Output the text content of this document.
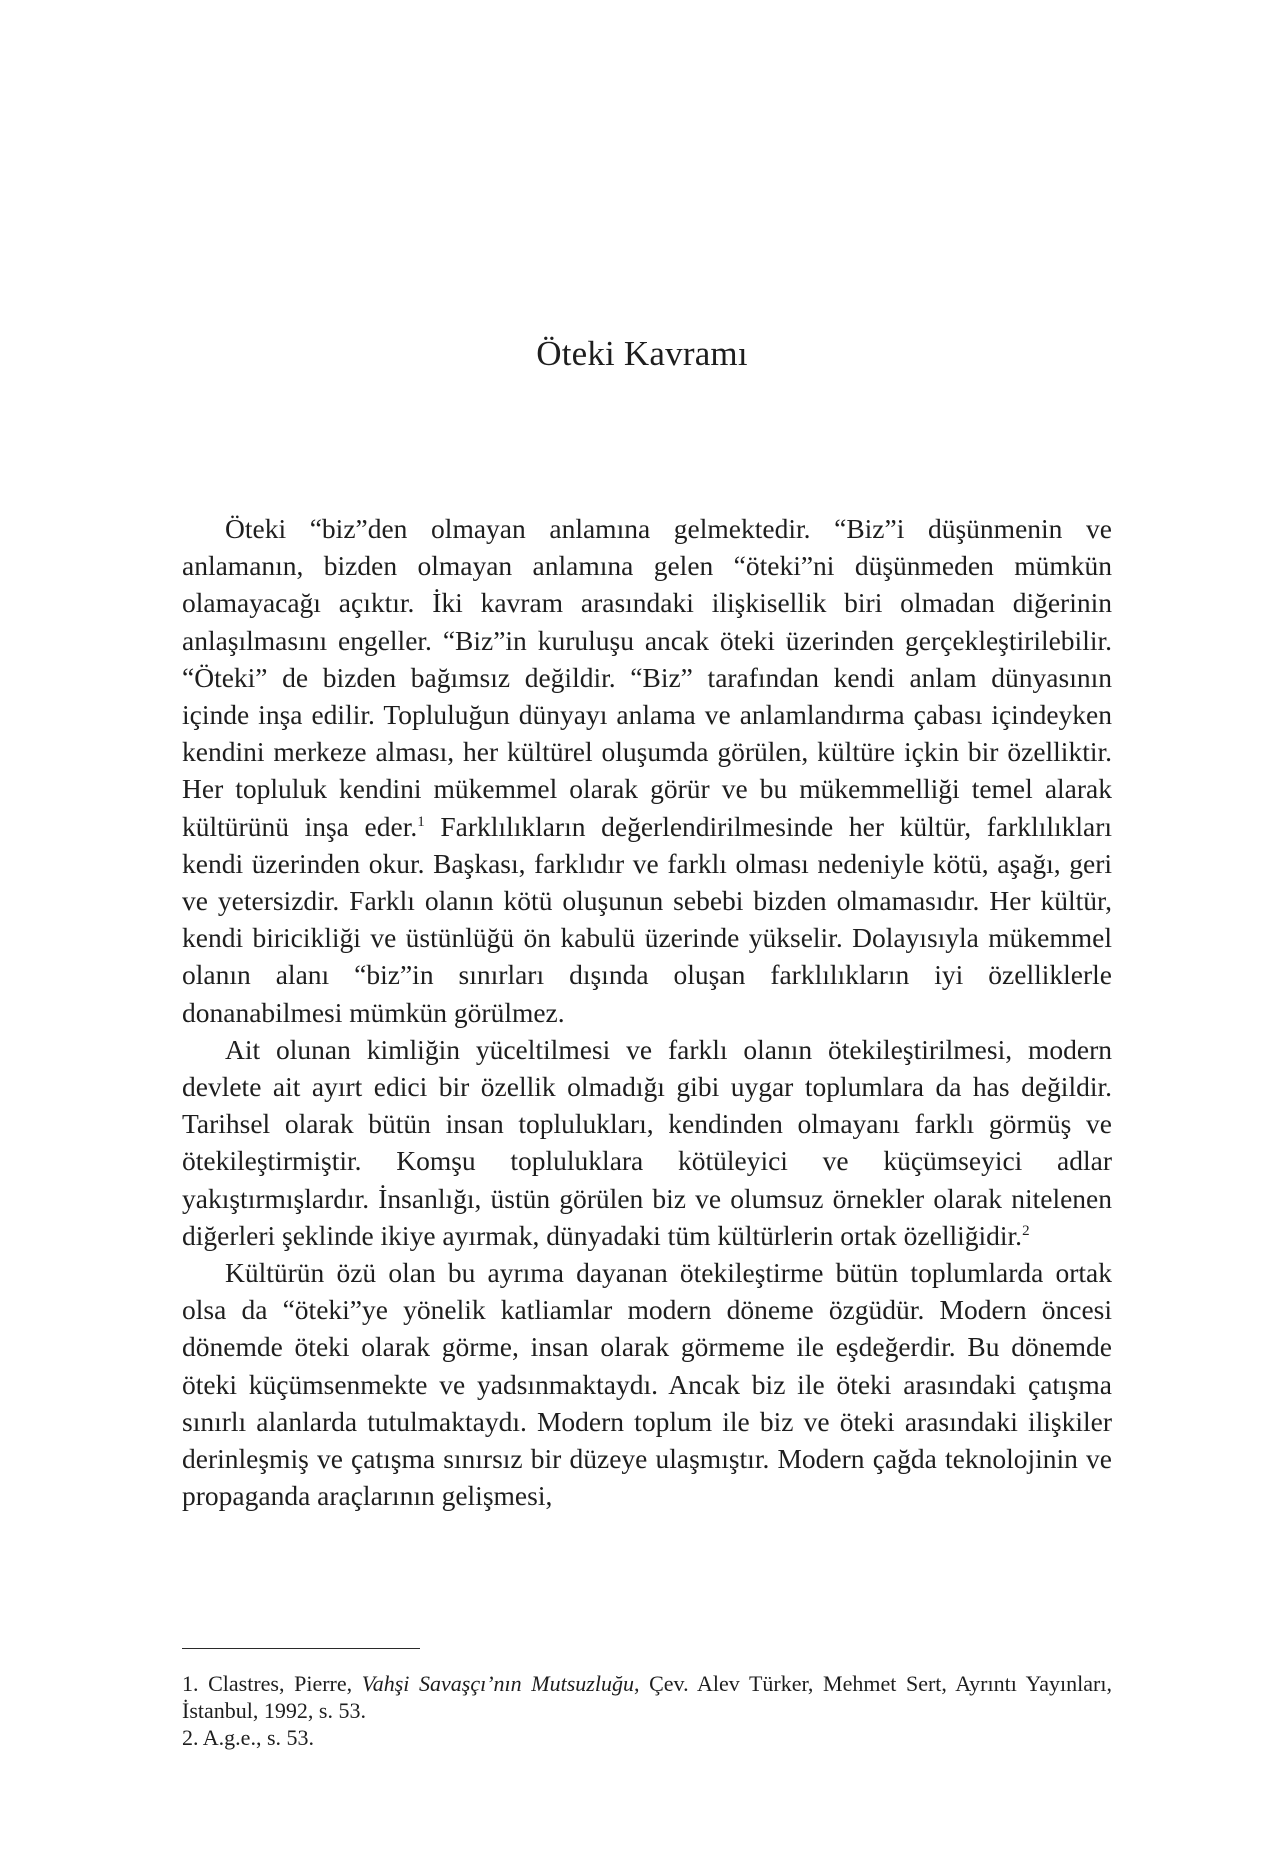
Öteki Kavramı

Öteki “biz”den olmayan anlamına gelmektedir. “Biz”i düşünmenin ve anlamanın, bizden olmayan anlamına gelen “öteki”ni düşünmeden mümkün olamayacağı açıktır. İki kavram arasındaki ilişkisellik biri olmadan diğerinin anlaşılmasını engeller. “Biz”in kuruluşu ancak öteki üzerinden gerçekleştirilebilir. “Öteki” de bizden bağımsız değildir. “Biz” tarafından kendi anlam dünyasının içinde inşa edilir. Topluluğun dünyayı anlama ve anlamlandırma çabası içindeyken kendini merkeze alması, her kültürel oluşumda görülen, kültüre içkin bir özelliktir. Her topluluk kendini mükemmel olarak görür ve bu mükemmelliği temel alarak kültürünü inşa eder.$^1$ Farklılıkların değerlendirilmesinde her kültür, farklılıkları kendi üzerinden okur. Başkası, farklıdır ve farklı olması nedeniyle kötü, aşağı, geri ve yetersizdir. Farklı olanın kötü oluşunun sebebi bizden olmamasıdır. Her kültür, kendi biricikliği ve üstünlüğü ön kabulü üzerinde yükselir. Dolayısıyla mükemmel olanın alanı “biz”in sınırları dışında oluşan farklılıkların iyi özelliklerle donanabilmesi mümkün görülmez.

Ait olunan kimliğin yüceltilmesi ve farklı olanın ötekileştirilmesi, modern devlete ait ayırt edici bir özellik olmadığı gibi uygar toplumlara da has değildir. Tarihsel olarak bütün insan toplulukları, kendinden olmayanı farklı görmüş ve ötekileştirmiştir. Komşu topluluklara kötüleyici ve küçümseyici adlar yakıştırmışlardır. İnsanlığı, üstün görülen biz ve olumsuz örnekler olarak nitelenen diğerleri şeklinde ikiye ayırmak, dünyadaki tüm kültürlerin ortak özelliğidir.$^2$

Kültürün özü olan bu ayrıma dayanan ötekileştirme bütün toplumlarda ortak olsa da “öteki”ye yönelik katliamlar modern döneme özgüdür. Modern öncesi dönemde öteki olarak görme, insan olarak görmeme ile eşdeğerdir. Bu dönemde öteki küçümsenmekte ve yadsınmaktaydı. Ancak biz ile öteki arasındaki çatışma sınırlı alanlarda tutulmaktaydı. Modern toplum ile biz ve öteki arasındaki ilişkiler derinleşmiş ve çatışma sınırsız bir düzeye ulaşmıştır. Modern çağda teknolojinin ve propaganda araçlarının gelişmesi,

1. Clastres, Pierre, Vahşi Savaşçı’nın Mutsuzluğu, Çev. Alev Türker, Mehmet Sert, Ayrıntı Yayınları, İstanbul, 1992, s. 53.

2. A.g.e., s. 53.
